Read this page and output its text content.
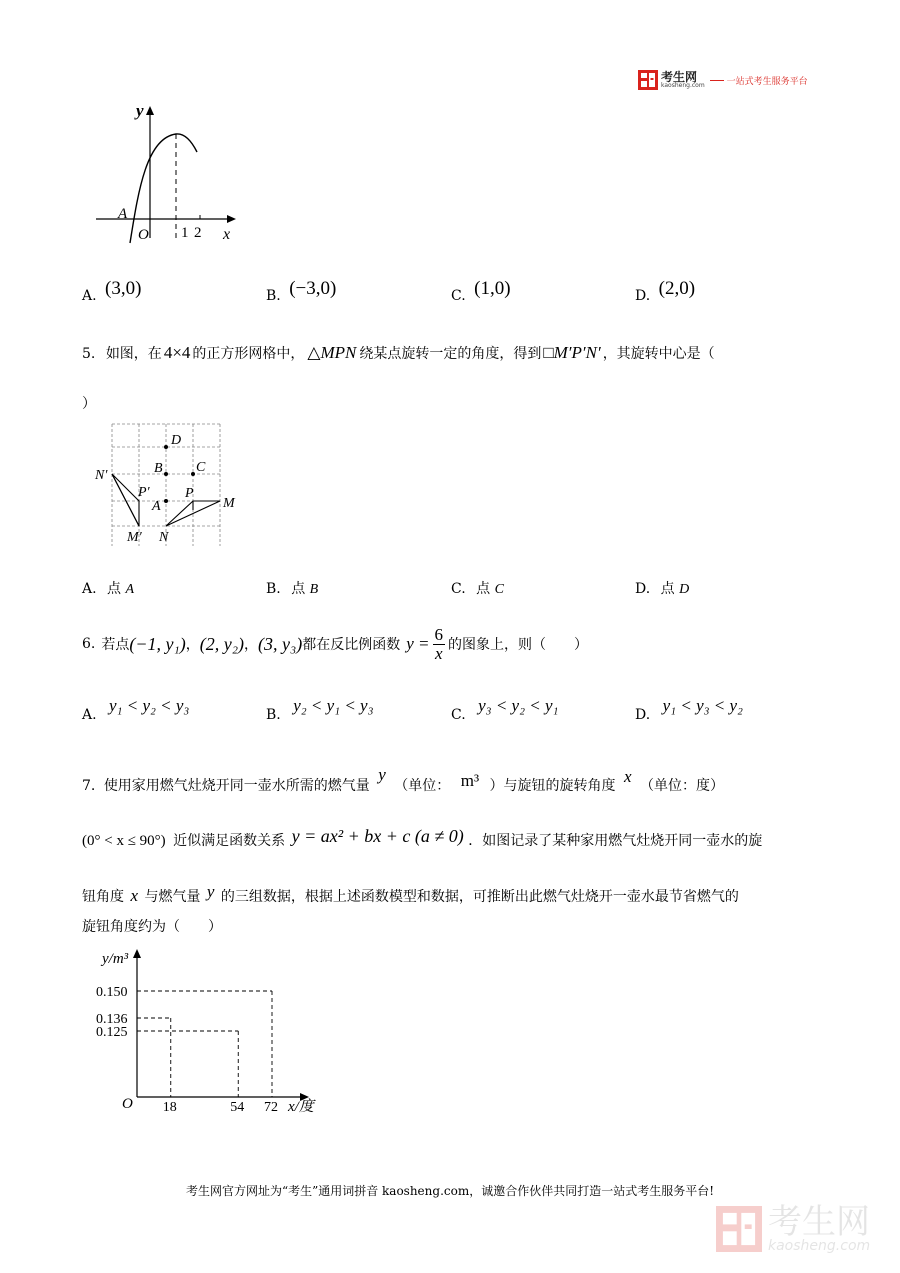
考生网
kaosheng.com 一站式考生服务平台
y
x
O
A
1 2
A. (3,0)	B. (−3,0)	C. (1,0)	D. (2,0)
5. 如图，在 4×4 的正方形网格中， △MPN 绕某点旋转一定的角度，得到 □M′P′N′ ，其旋转中心是（
）
D
B C
N′
P′	P
A	M
M′ N
A. 点 A	B. 点 B	C. 点 C	D. 点 D
6. 若点 (−1, y₁) ， (2, y₂) ， (3, y₃) 都在反比例函数 $y = \frac{6}{x}$ 的图象上，则（　　）
A. y₁ < y₂ < y₃	B. y₂ < y₁ < y₃	C. y₃ < y₂ < y₁	D. y₁ < y₃ < y₂
7. 使用家用燃气灶烧开同一壶水所需的燃气量 y （单位： m³ ）与旋钮的旋转角度 x （单位：度）
(0° < x ≤ 90°) 近似满足函数关系 y = ax² + bx + c (a ≠ 0) ．如图记录了某种家用燃气灶烧开同一壶水的旋
钮角度 x 与燃气量 y 的三组数据，根据上述函数模型和数据，可推断出此燃气灶烧开一壶水最节省燃气的
旋钮角度约为（　　）
18	54 72
0.150
0.136
0.125
y/m³
x/度
O
考生网官方网址为“考生”通用词拼音 kaosheng.com，诚邀合作伙伴共同打造一站式考生服务平台!
考生网
kaosheng.com
